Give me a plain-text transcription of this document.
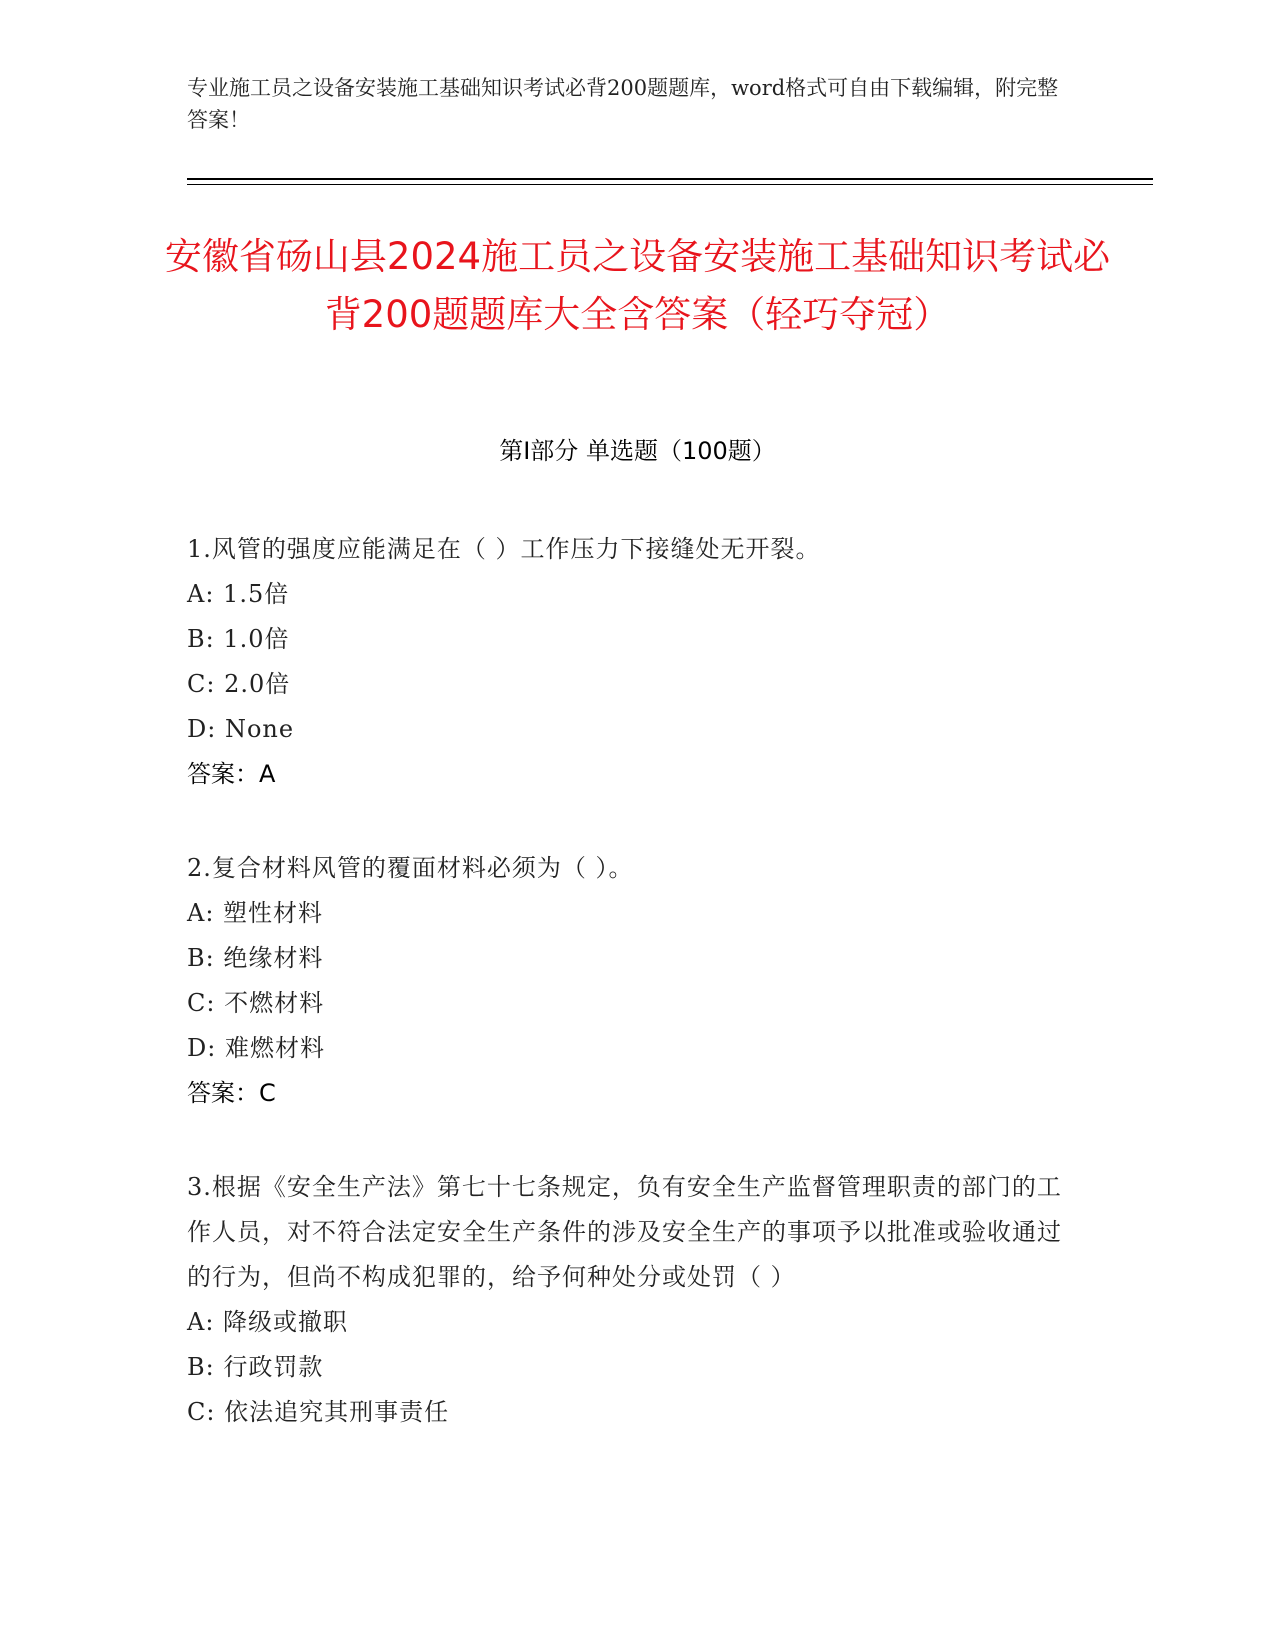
专业施工员之设备安装施工基础知识考试必背200题题库，word格式可自由下载编辑，附完整答案！
安徽省砀山县2024施工员之设备安装施工基础知识考试必背200题题库大全含答案（轻巧夺冠）
第Ⅰ部分 单选题（100题）
1.风管的强度应能满足在（ ）工作压力下接缝处无开裂。
A: 1.5倍
B: 1.0倍
C: 2.0倍
D: None
答案：A
2.复合材料风管的覆面材料必须为（ ）。
A: 塑性材料
B: 绝缘材料
C: 不燃材料
D: 难燃材料
答案：C
3.根据《安全生产法》第七十七条规定，负有安全生产监督管理职责的部门的工作人员，对不符合法定安全生产条件的涉及安全生产的事项予以批准或验收通过的行为，但尚不构成犯罪的，给予何种处分或处罚（ ）
A: 降级或撤职
B: 行政罚款
C: 依法追究其刑事责任
